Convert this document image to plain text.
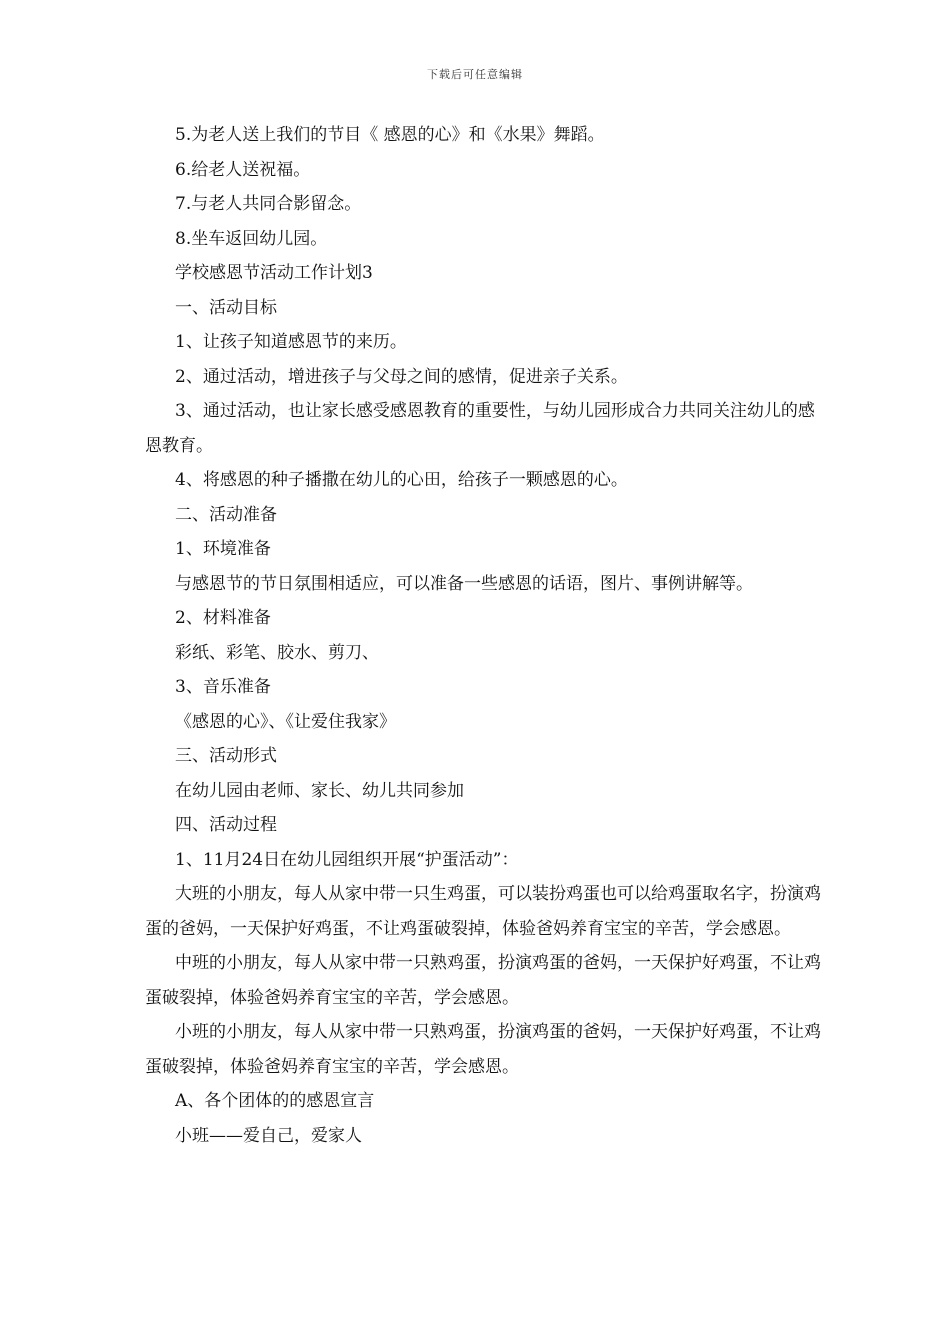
下载后可任意编辑

5.为老人送上我们的节目《 感恩的心》和《水果》舞蹈。

6.给老人送祝福。

7.与老人共同合影留念。

8.坐车返回幼儿园。

学校感恩节活动工作计划3

一、活动目标

1、让孩子知道感恩节的来历。

2、通过活动，增进孩子与父母之间的感情，促进亲子关系。

3、通过活动，也让家长感受感恩教育的重要性，与幼儿园形成合力共同关注幼儿的感恩教育。

4、将感恩的种子播撒在幼儿的心田，给孩子一颗感恩的心。

二、活动准备

1、环境准备

与感恩节的节日氛围相适应，可以准备一些感恩的话语，图片、事例讲解等。

2、材料准备

彩纸、彩笔、胶水、剪刀、

3、音乐准备

《感恩的心》、《让爱住我家》

三、活动形式

在幼儿园由老师、家长、幼儿共同参加

四、活动过程

1、11月24日在幼儿园组织开展“护蛋活动”：

大班的小朋友，每人从家中带一只生鸡蛋，可以装扮鸡蛋也可以给鸡蛋取名字，扮演鸡蛋的爸妈，一天保护好鸡蛋，不让鸡蛋破裂掉，体验爸妈养育宝宝的辛苦，学会感恩。

中班的小朋友，每人从家中带一只熟鸡蛋，扮演鸡蛋的爸妈，一天保护好鸡蛋，不让鸡蛋破裂掉，体验爸妈养育宝宝的辛苦，学会感恩。

小班的小朋友，每人从家中带一只熟鸡蛋，扮演鸡蛋的爸妈，一天保护好鸡蛋，不让鸡蛋破裂掉，体验爸妈养育宝宝的辛苦，学会感恩。

A、各个团体的的感恩宣言

小班——爱自己，爱家人
